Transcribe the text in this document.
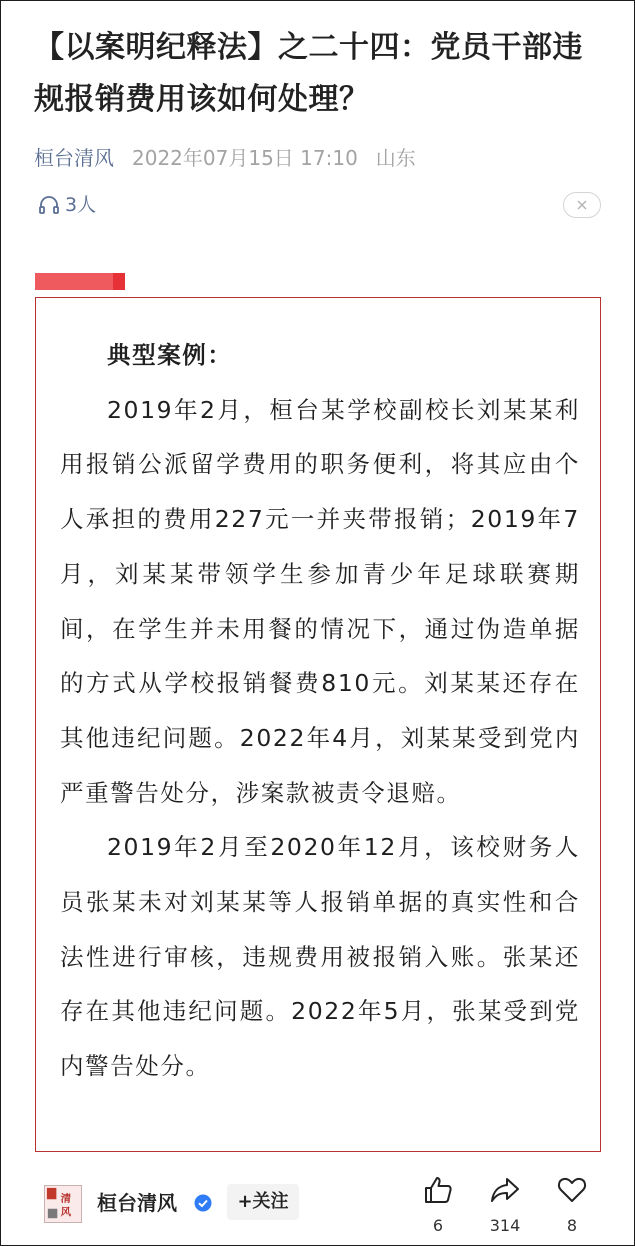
【以案明纪释法】之二十四：党员干部违规报销费用该如何处理？
桓台清风 2022年07月15日 17:10 山东
3人

典型案例：

2019年2月，桓台某学校副校长刘某某利用报销公派留学费用的职务便利，将其应由个人承担的费用227元一并夹带报销；2019年7月，刘某某带领学生参加青少年足球联赛期间，在学生并未用餐的情况下，通过伪造单据的方式从学校报销餐费810元。刘某某还存在其他违纪问题。2022年4月，刘某某受到党内严重警告处分，涉案款被责令退赔。

2019年2月至2020年12月，该校财务人员张某未对刘某某等人报销单据的真实性和合法性进行审核，违规费用被报销入账。张某还存在其他违纪问题。2022年5月，张某受到党内警告处分。

清
风 桓台清风	+关注
6	314	8
